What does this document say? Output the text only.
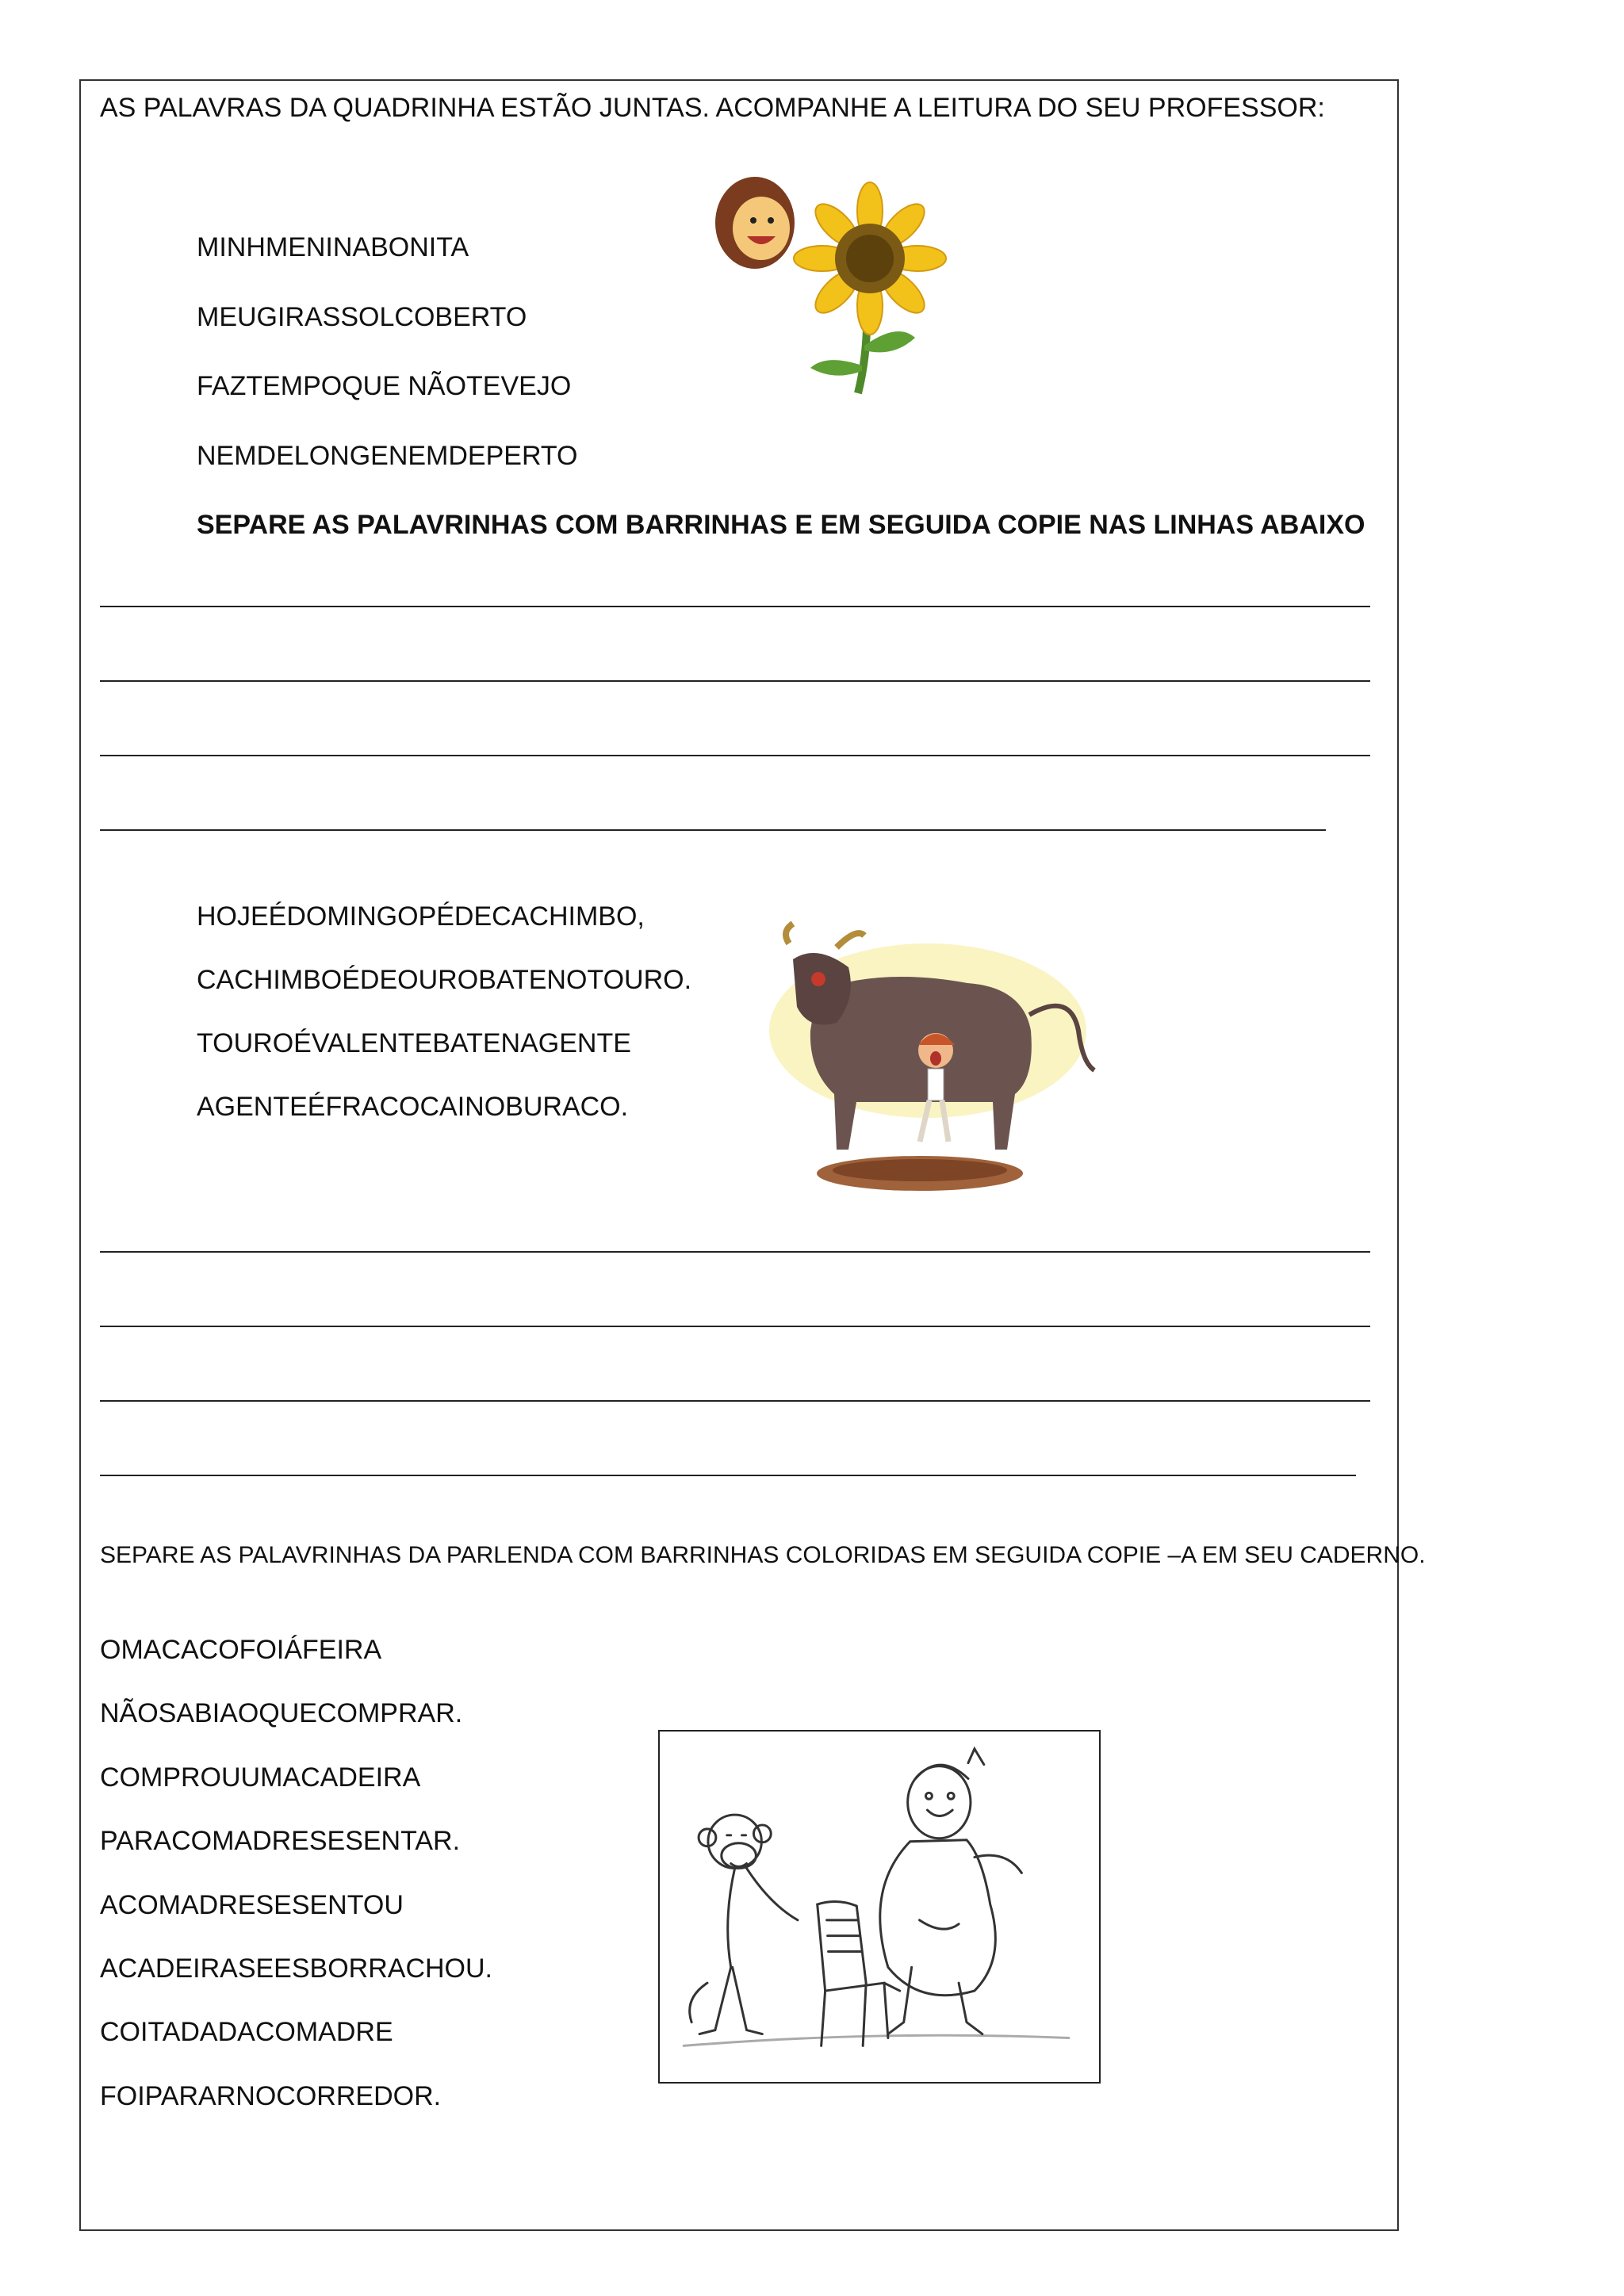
AS PALAVRAS DA QUADRINHA ESTÃO JUNTAS. ACOMPANHE A LEITURA DO SEU PROFESSOR:
MINHMENINABONITA
MEUGIRASSOLCOBERTO
FAZTEMPOQUE NÃOTEVEJO
NEMDELONGENEMDEPERTO
SEPARE AS PALAVRINHAS COM BARRINHAS E EM SEGUIDA COPIE NAS LINHAS ABAIXO
HOJEÉDOMINGOPÉDECACHIMBO,
CACHIMBOÉDEOUROBATENOTOURO.
TOUROÉVALENTEBATENAGENTE
AGENTEÉFRACOCAINOBURACO.
SEPARE AS PALAVRINHAS DA PARLENDA COM BARRINHAS COLORIDAS EM SEGUIDA COPIE –A EM SEU CADERNO.
OMACACOFOIÁFEIRA
NÃOSABIAOQUECOMPRAR.
COMPROUUMACADEIRA
PARACOMADRESESENTAR.
ACOMADRESESENTOU
ACADEIRASEESBORRACHOU.
COITADADACOMADRE
FOIPARARNOCORREDOR.
